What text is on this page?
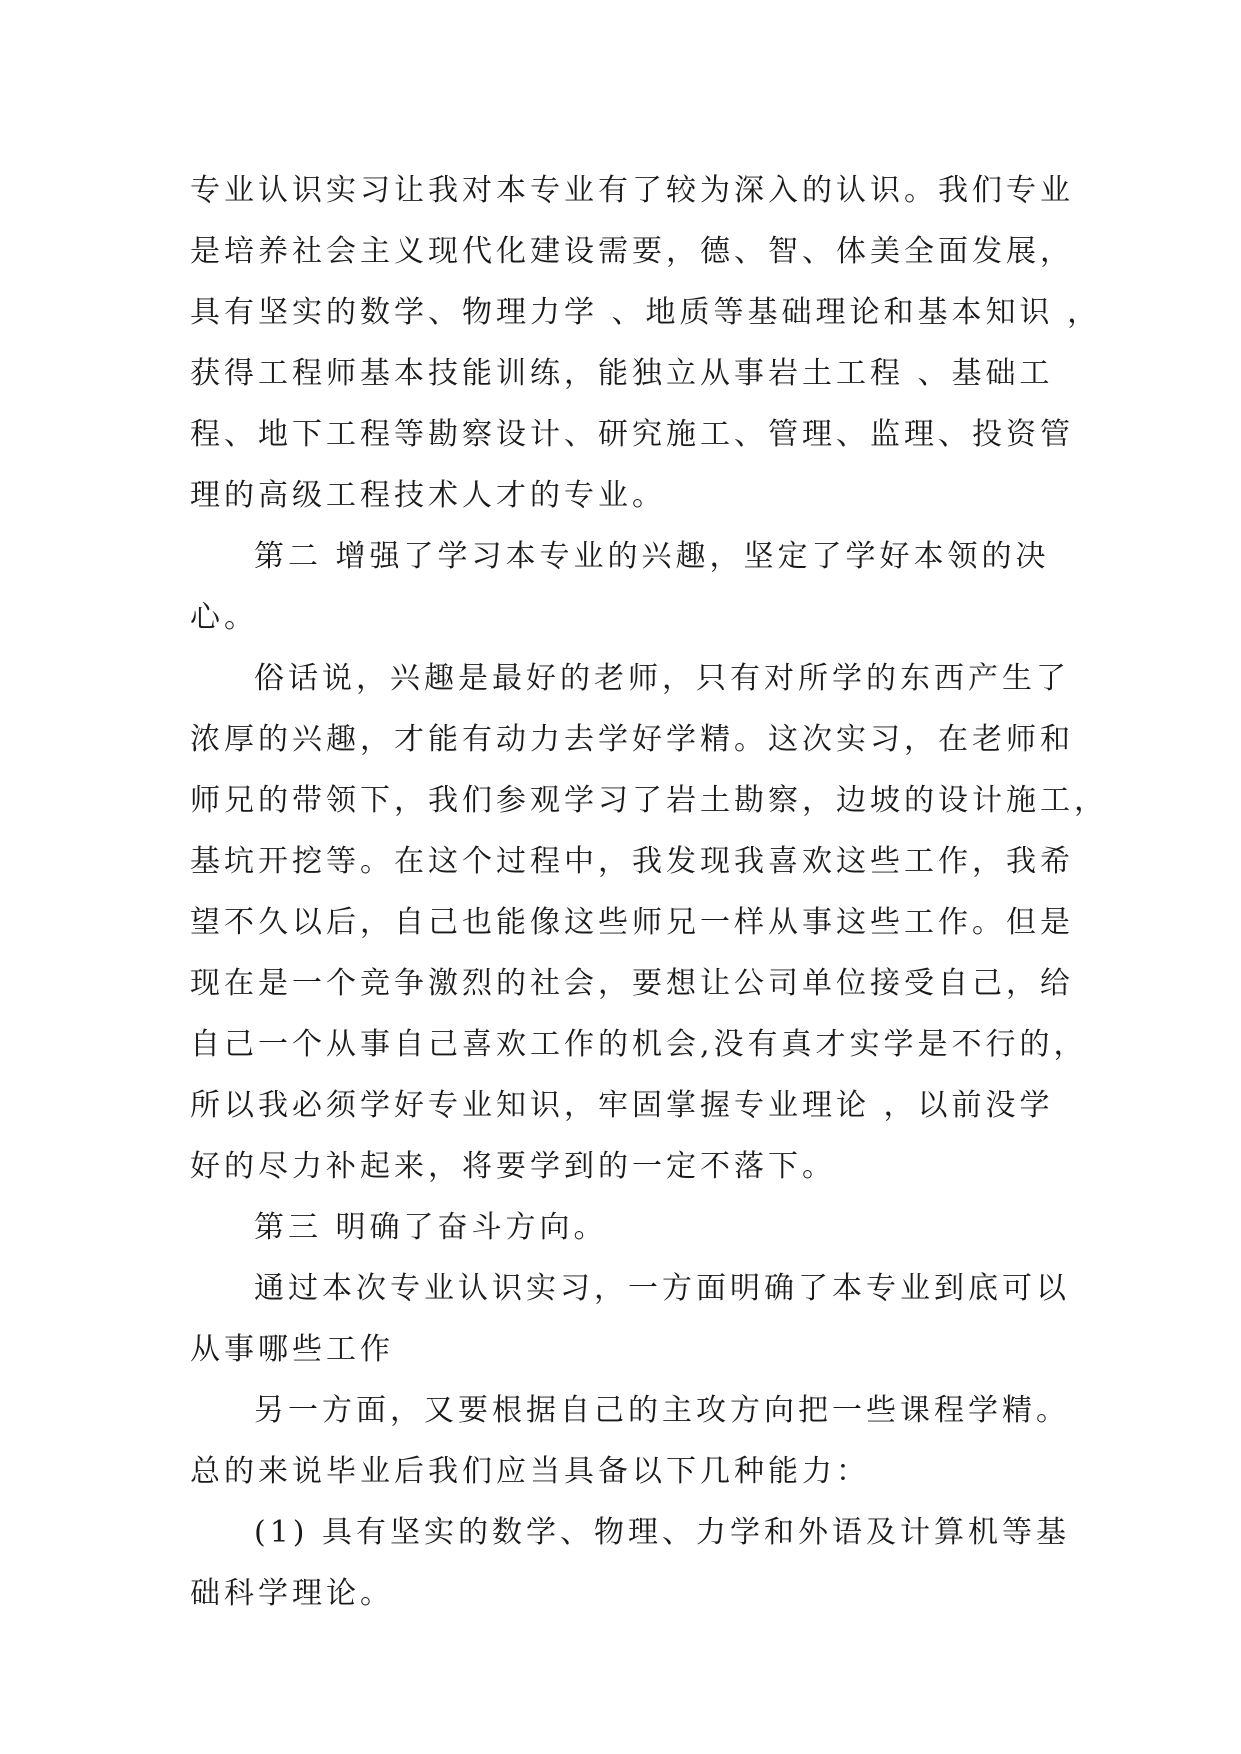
专业认识实习让我对本专业有了较为深入的认识。我们专业
是培养社会主义现代化建设需要，德、智、体美全面发展，
具有坚实的数学、物理力学 、地质等基础理论和基本知识 ，
获得工程师基本技能训练，能独立从事岩土工程 、基础工
程、地下工程等勘察设计、研究施工、管理、监理、投资管
理的高级工程技术人才的专业。
第二 增强了学习本专业的兴趣，坚定了学好本领的决
心。
俗话说，兴趣是最好的老师，只有对所学的东西产生了
浓厚的兴趣，才能有动力去学好学精。这次实习，在老师和
师兄的带领下，我们参观学习了岩土勘察，边坡的设计施工，
基坑开挖等。在这个过程中，我发现我喜欢这些工作，我希
望不久以后，自己也能像这些师兄一样从事这些工作。但是
现在是一个竞争激烈的社会，要想让公司单位接受自己，给
自己一个从事自己喜欢工作的机会,没有真才实学是不行的，
所以我必须学好专业知识，牢固掌握专业理论 ，以前没学
好的尽力补起来，将要学到的一定不落下。
第三 明确了奋斗方向。
通过本次专业认识实习，一方面明确了本专业到底可以
从事哪些工作
另一方面，又要根据自己的主攻方向把一些课程学精。
总的来说毕业后我们应当具备以下几种能力：
(1) 具有坚实的数学、物理、力学和外语及计算机等基
础科学理论。
